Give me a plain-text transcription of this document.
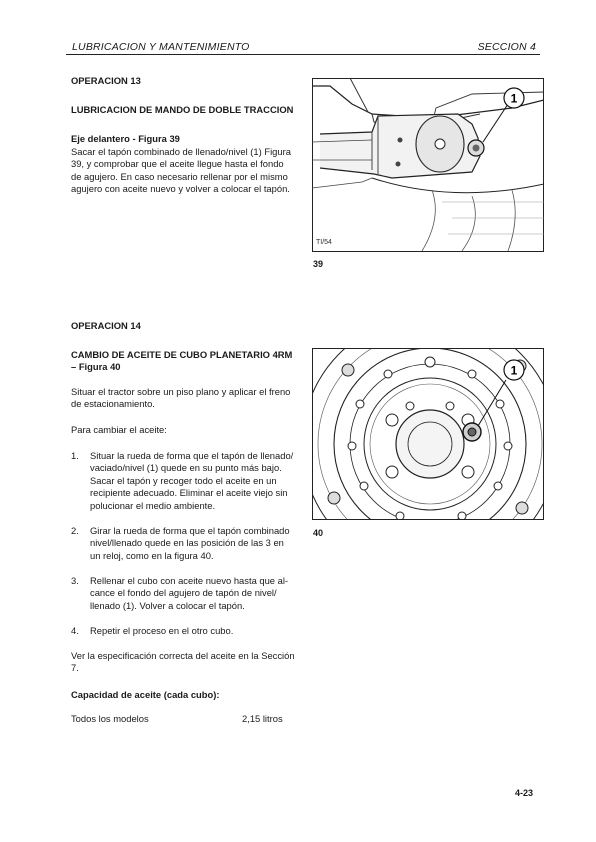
LUBRICACION Y MANTENIMIENTO	SECCION 4
OPERACION 13
LUBRICACION DE MANDO DE DOBLE TRACCION
Eje delantero - Figura 39
Sacar el tapón combinado de llenado/nivel (1) Figura
39, y comprobar que el aceite llegue hasta el fondo
de agujero. En caso necesario rellenar por el mismo
agujero con aceite nuevo y volver a colocar el tapón.
1
TI/54
39
OPERACION 14
CAMBIO DE ACEITE DE CUBO PLANETARIO 4RM
– Figura 40
Situar el tractor sobre un piso plano y aplicar el freno
de estacionamiento.
Para cambiar el aceite:
1. Situar la rueda de forma que el tapón de llenado/
vaciado/nivel (1) quede en su punto más bajo.
Sacar el tapón y recoger todo el aceite en un
recipiente adecuado. Eliminar el aceite viejo sin
polucionar el medio ambiente.
2. Girar la rueda de forma que el tapón combinado
nivel/llenado quede en las posición de las 3 en
un reloj, como en la figura 40.
3. Rellenar el cubo con aceite nuevo hasta que al-
cance el fondo del agujero de tapón de nivel/
llenado (1). Volver a colocar el tapón.
4. Repetir el proceso en el otro cubo.
Ver la especificación correcta del aceite en la Sección
7.
Capacidad de aceite (cada cubo):
Todos los modelos	2,15 litros
1
40
4-23
